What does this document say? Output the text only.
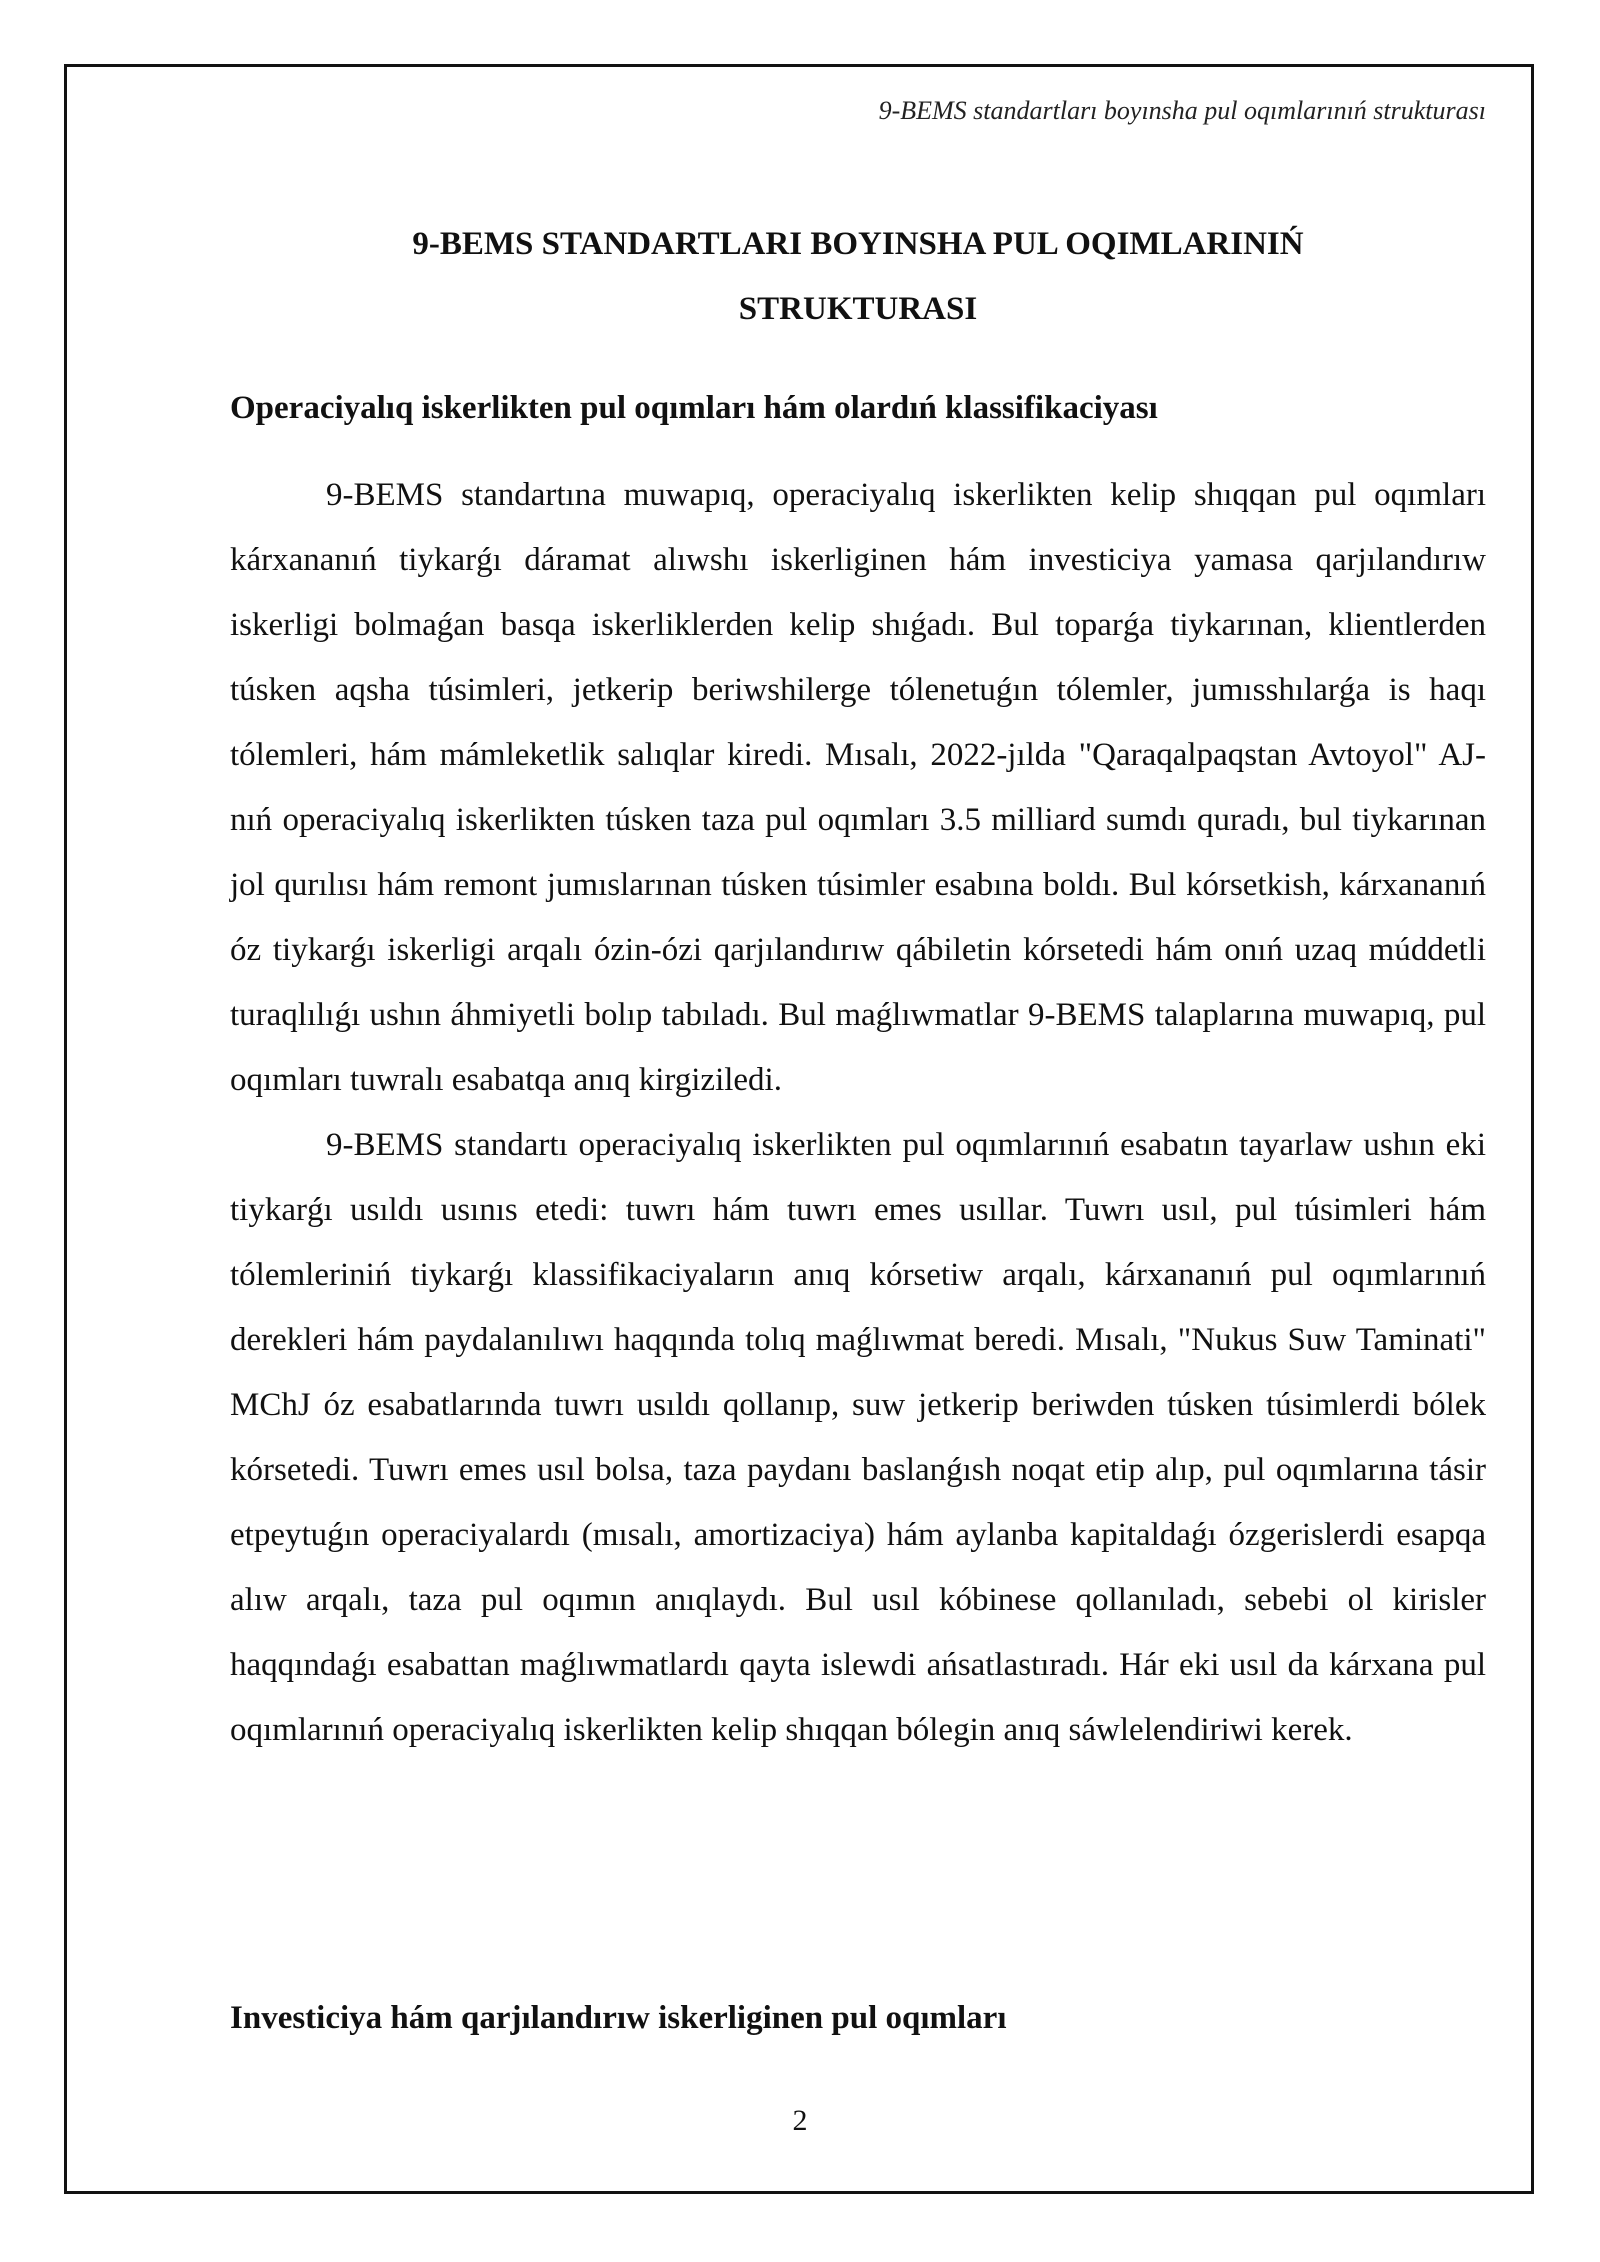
9-BEMS standartları boyınsha pul oqımlarınıń strukturası
9-BEMS STANDARTLARI BOYINSHA PUL OQIMLARINIŃ
STRUKTURASI
Operaciyalıq iskerlikten pul oqımları hám olardıń klassifikaciyası

9-BEMS standartına muwapıq, operaciyalıq iskerlikten kelip shıqqan pul oqımları kárxananıń tiykarǵı dáramat alıwshı iskerliginen hám investiciya yamasa qarjılandırıw iskerligi bolmaǵan basqa iskerliklerden kelip shıǵadı. Bul toparǵa tiykarınan, klientlerden túsken aqsha túsimleri, jetkerip beriwshilerge tólenetuǵın tólemler, jumısshılarǵa is haqı tólemleri, hám mámleketlik salıqlar kiredi. Mısalı, 2022-jılda "Qaraqalpaqstan Avtoyol" AJ-nıń operaciyalıq iskerlikten túsken taza pul oqımları 3.5 milliard sumdı quradı, bul tiykarınan jol qurılısı hám remont jumıslarınan túsken túsimler esabına boldı. Bul kórsetkish, kárxananıń óz tiykarǵı iskerligi arqalı ózin-ózi qarjılandırıw qábiletin kórsetedi hám onıń uzaq múddetli turaqlılıǵı ushın áhmiyetli bolıp tabıladı. Bul maǵlıwmatlar 9-BEMS talaplarına muwapıq, pul oqımları tuwralı esabatqa anıq kirgiziledi.

9-BEMS standartı operaciyalıq iskerlikten pul oqımlarınıń esabatın tayarlaw ushın eki tiykarǵı usıldı usınıs etedi: tuwrı hám tuwrı emes usıllar. Tuwrı usıl, pul túsimleri hám tólemleriniń tiykarǵı klassifikaciyaların anıq kórsetiw arqalı, kárxananıń pul oqımlarınıń derekleri hám paydalanılıwı haqqında tolıq maǵlıwmat beredi. Mısalı, "Nukus Suw Taminati" MChJ óz esabatlarında tuwrı usıldı qollanıp, suw jetkerip beriwden túsken túsimlerdi bólek kórsetedi. Tuwrı emes usıl bolsa, taza paydanı baslanǵısh noqat etip alıp, pul oqımlarına tásir etpeytuǵın operaciyalardı (mısalı, amortizaciya) hám aylanba kapitaldaǵı ózgerislerdi esapqa alıw arqalı, taza pul oqımın anıqlaydı. Bul usıl kóbinese qollanıladı, sebebi ol kirisler haqqındaǵı esabattan maǵlıwmatlardı qayta islewdi ańsatlastıradı. Hár eki usıl da kárxana pul oqımlarınıń operaciyalıq iskerlikten kelip shıqqan bólegin anıq sáwlelendiriwi kerek.

Investiciya hám qarjılandırıw iskerliginen pul oqımları
2
